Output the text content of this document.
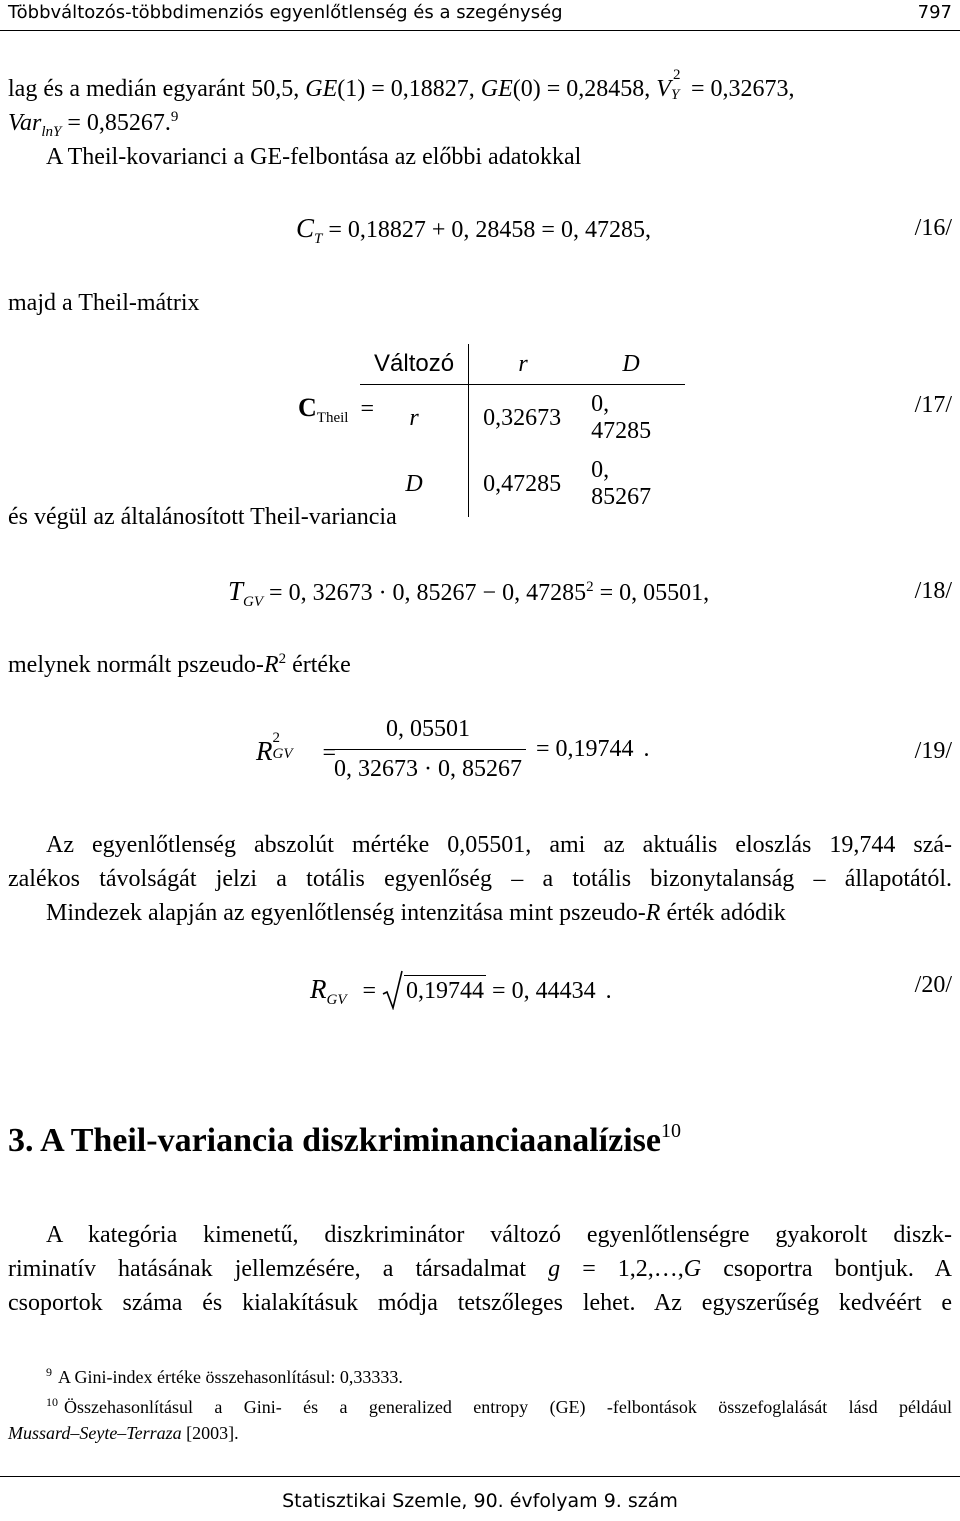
Többváltozós-többdimenziós egyenlőtlenség és a szegénység	797
lag és a medián egyaránt 50,5, GE(1) = 0,18827, GE(0) = 0,28458, V Y
2
= 0,32673,
Var$_{lnY}$ = 0,85267.$^9$
A Theil-kovarianci a GE-felbontása az előbbi adatokkal
$C_T = 0,18827 + 0$, 28458 = 0, 47285,	/16/
majd a Theil-mátrix
$C_{Theil}$ =
Változó	r	D
r	0,32673	0, 47285
D	0,47285	0, 85267
/17/
és végül az általánosított Theil-variancia
$T_{GV} = 0$, 32673 · 0, 85267 − 0, $47285^2 = 0$, 05501,	/18/
melynek normált pszeudo-$R^2$ értéke
R 2
GV =
0, 05501
0, 32673 · 0, 85267
= 0,19744 .	/19/
Az egyenlőtlenség abszolút mértéke 0,05501, ami az aktuális eloszlás 19,744 szá-
zalékos távolságát jelzi a totális egyenlőség – a totális bizonytalanság – állapotától.
Mindezek alapján az egyenlőtlenség intenzitása mint pszeudo-R érték adódik
$R_{GV} = 0,19744 = 0$, 44434 .	/20/
3. A Theil-variancia diszkriminanciaanalízise$^{10}$
A kategória kimenetű, diszkriminátor változó egyenlőtlenségre gyakorolt diszk-
riminatív hatásának jellemzésére, a társadalmat g = 1,2,…,G csoportra bontjuk. A
csoportok száma és kialakításuk módja tetszőleges lehet. Az egyszerűség kedvéért e
$^9$ A Gini-index értéke összehasonlításul: 0,33333.
$^{10}$ Összehasonlításul a Gini- és a generalized entropy (GE) -felbontások összefoglalását lásd például
Mussard–Seyte–Terraza [2003].
Statisztikai Szemle, 90. évfolyam 9. szám
